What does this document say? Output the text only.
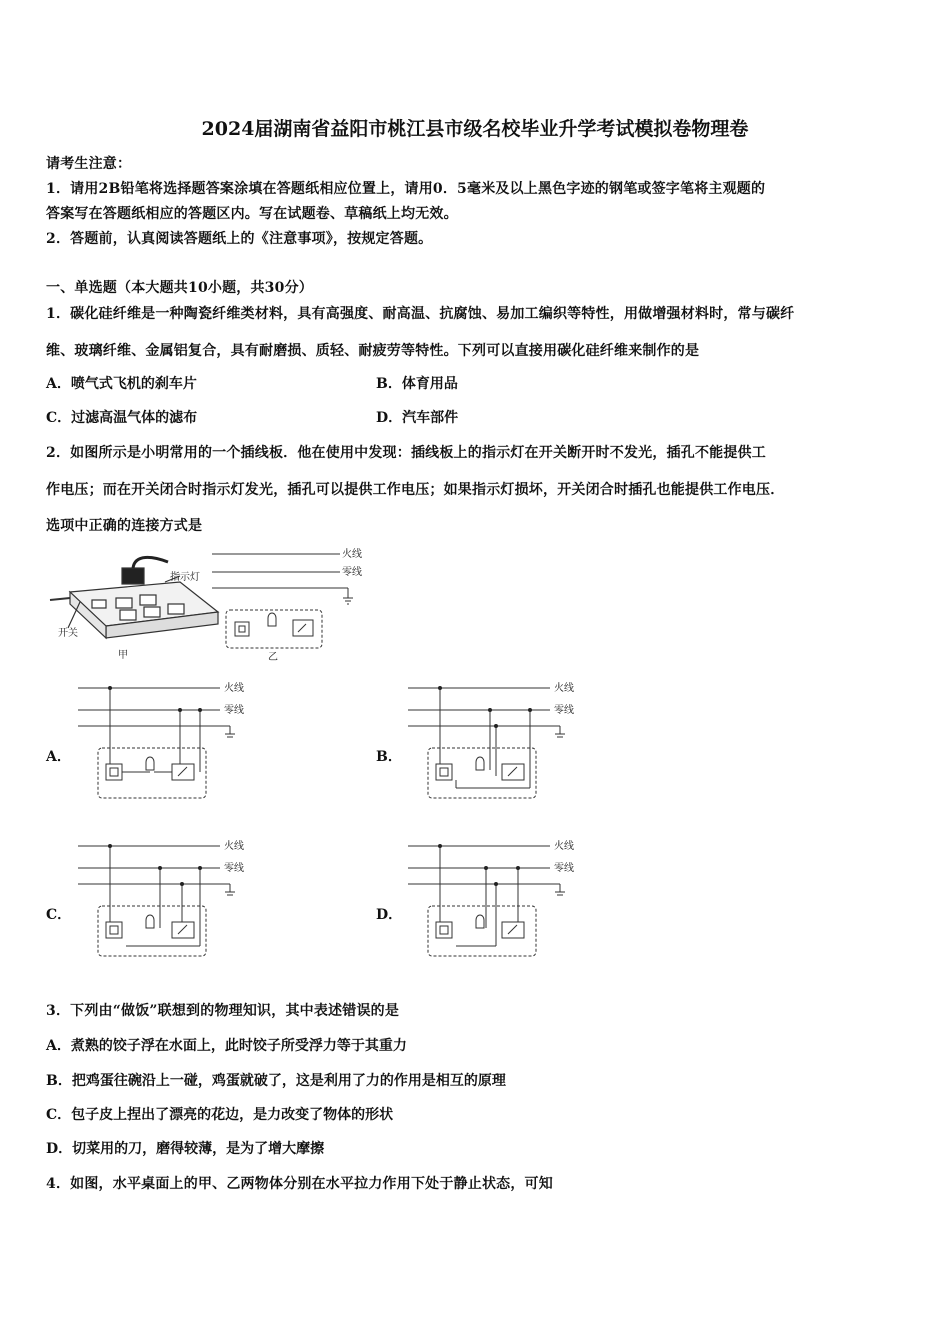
2024届湖南省益阳市桃江县市级名校毕业升学考试模拟卷物理卷
请考生注意：
1．请用2B铅笔将选择题答案涂填在答题纸相应位置上，请用0．5毫米及以上黑色字迹的钢笔或签字笔将主观题的
答案写在答题纸相应的答题区内。写在试题卷、草稿纸上均无效。
2．答题前，认真阅读答题纸上的《注意事项》，按规定答题。
一、单选题（本大题共10小题，共30分）
1．碳化硅纤维是一种陶瓷纤维类材料，具有高强度、耐高温、抗腐蚀、易加工编织等特性，用做增强材料时，常与碳纤
维、玻璃纤维、金属铝复合，具有耐磨损、质轻、耐疲劳等特性。下列可以直接用碳化硅纤维来制作的是
A．喷气式飞机的刹车片	B．体育用品
C．过滤高温气体的滤布	D．汽车部件
2．如图所示是小明常用的一个插线板．他在使用中发现：插线板上的指示灯在开关断开时不发光，插孔不能提供工
作电压；而在开关闭合时指示灯发光，插孔可以提供工作电压；如果指示灯损坏，开关闭合时插孔也能提供工作电压．
选项中正确的连接方式是
指示灯
开关
甲
火线
零线
乙
A．	B．
C．	D．
火线
零线
火线
零线
火线
零线
火线
零线
3．下列由“做饭”联想到的物理知识，其中表述错误的是
A．煮熟的饺子浮在水面上，此时饺子所受浮力等于其重力
B．把鸡蛋往碗沿上一碰，鸡蛋就破了，这是利用了力的作用是相互的原理
C．包子皮上捏出了漂亮的花边，是力改变了物体的形状
D．切菜用的刀，磨得较薄，是为了增大摩擦
4．如图，水平桌面上的甲、乙两物体分别在水平拉力作用下处于静止状态，可知
